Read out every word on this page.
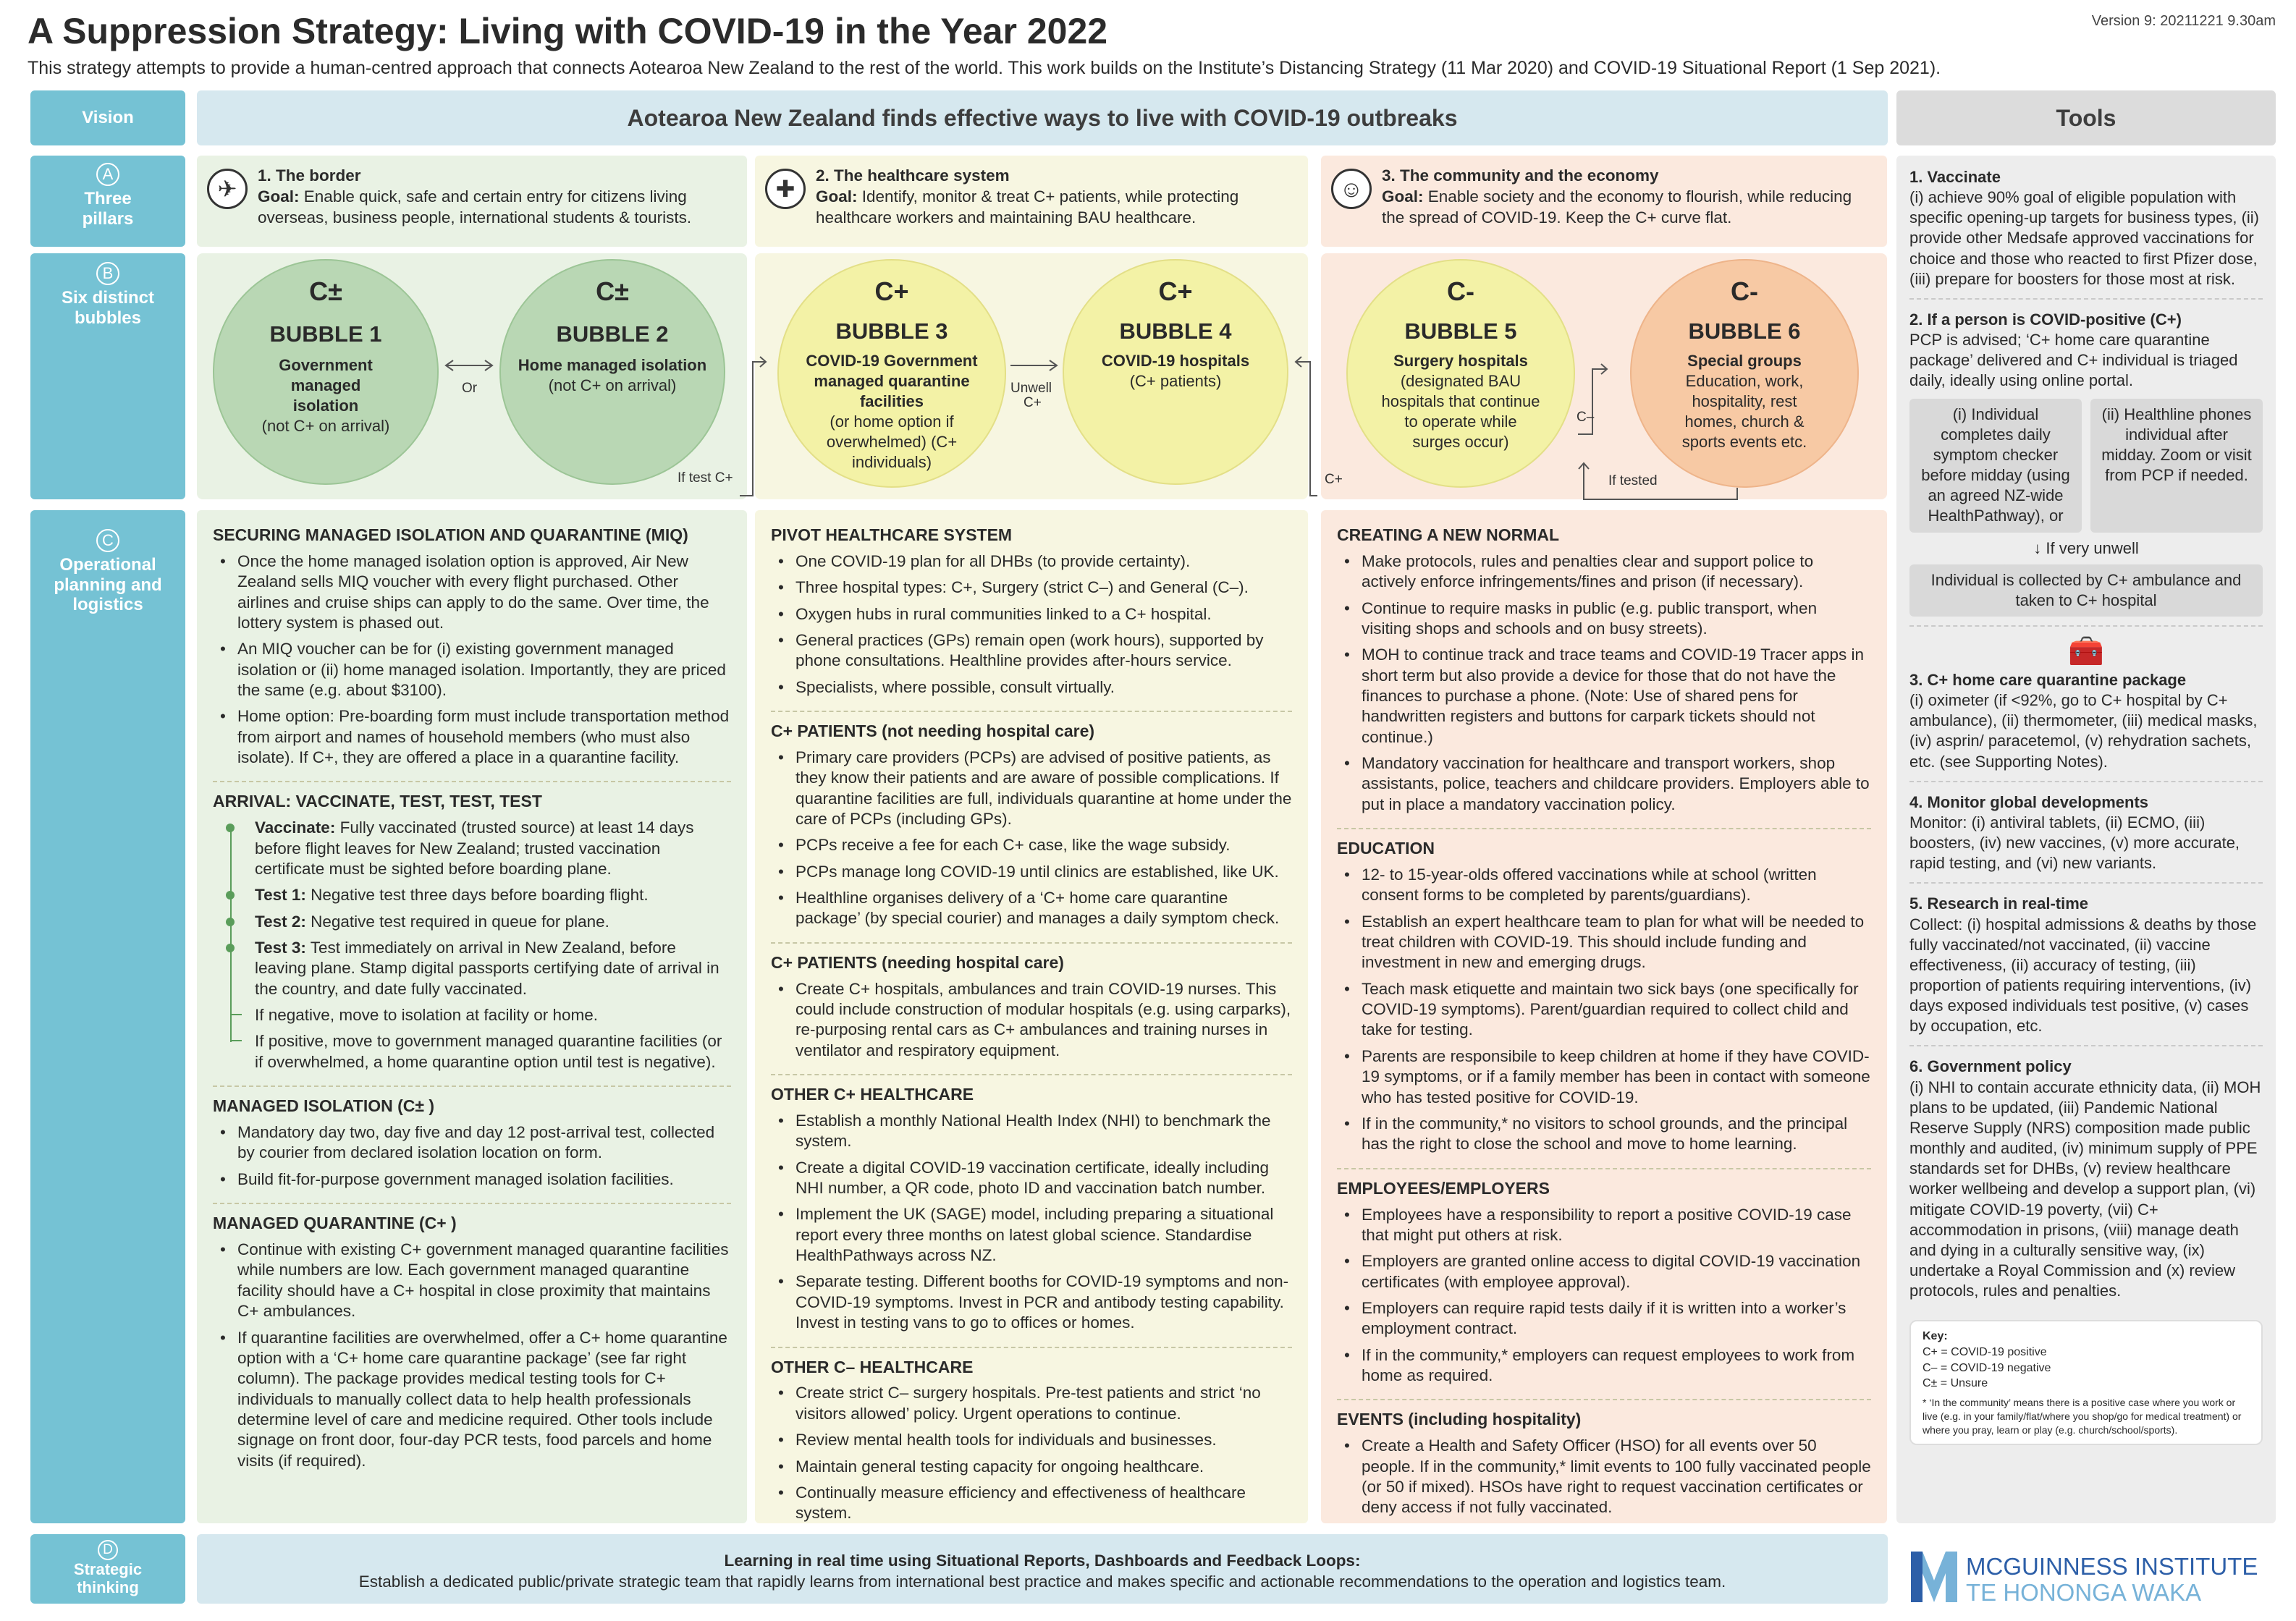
A Suppression Strategy: Living with COVID-19 in the Year 2022	Version 9: 20211221 9.30am
This strategy attempts to provide a human-centred approach that connects Aotearoa New Zealand to the rest of the world. This work builds on the Institute’s Distancing Strategy (11 Mar 2020) and COVID-19 Situational Report (1 Sep 2021).
Vision
A
Three pillars
B
Six distinct bubbles
C
Operational planning and logistics
D
Strategic thinking
Aotearoa New Zealand finds effective ways to live with COVID-19 outbreaks	Tools
✈
1. The border
Goal: Enable quick, safe and certain entry for citizens living overseas, business people, international students & tourists.
✚
2. The healthcare system
Goal: Identify, monitor & treat C+ patients, while protecting healthcare workers and maintaining BAU healthcare.
☺
3. The community and the economy
Goal: Enable society and the economy to flourish, while reducing the spread of COVID-19. Keep the C+ curve flat.
C±
BUBBLE 1
Government managed isolation
(not C+ on arrival)
C±
BUBBLE 2
Home managed isolation
(not C+ on arrival)
C+
BUBBLE 3
COVID-19 Government managed quarantine facilities
(or home option if overwhelmed) (C+ individuals)
C+
BUBBLE 4
COVID-19 hospitals
(C+ patients)
C-
BUBBLE 5
Surgery hospitals
(designated BAU hospitals that continue to operate while surges occur)
C-
BUBBLE 6
Special groups
Education, work, hospitality, rest homes, church & sports events etc.
Or
If test C+
Unwell
C+
C–
C+	If tested
SECURING MANAGED ISOLATION AND QUARANTINE (MIQ)
• Once the home managed isolation option is approved, Air New Zealand sells MIQ voucher with every flight purchased. Other airlines and cruise ships can apply to do the same. Over time, the lottery system is phased out.
• An MIQ voucher can be for (i) existing government managed isolation or (ii) home managed isolation. Importantly, they are priced the same (e.g. about $3100).
• Home option: Pre-boarding form must include transportation method from airport and names of household members (who must also isolate). If C+, they are offered a place in a quarantine facility.
ARRIVAL: VACCINATE, TEST, TEST, TEST

Vaccinate: Fully vaccinated (trusted source) at least 14 days before flight leaves for New Zealand; trusted vaccination certificate must be sighted before boarding plane.

Test 1: Negative test three days before boarding flight.

Test 2: Negative test required in queue for plane.

Test 3: Test immediately on arrival in New Zealand, before leaving plane. Stamp digital passports certifying date of arrival in the country, and date fully vaccinated.

If negative, move to isolation at facility or home.

If positive, move to government managed quarantine facilities (or if overwhelmed, a home quarantine option until test is negative).

MANAGED ISOLATION (C± )
• Mandatory day two, day five and day 12 post-arrival test, collected by courier from declared isolation location on form.
• Build fit-for-purpose government managed isolation facilities.
MANAGED QUARANTINE (C+ )
• Continue with existing C+ government managed quarantine facilities while numbers are low. Each government managed quarantine facility should have a C+ hospital in close proximity that maintains C+ ambulances.
• If quarantine facilities are overwhelmed, offer a C+ home quarantine option with a ‘C+ home care quarantine package’ (see far right column). The package provides medical testing tools for C+ individuals to manually collect data to help health professionals determine level of care and medicine required. Other tools include signage on front door, four-day PCR tests, food parcels and home visits (if required).
PIVOT HEALTHCARE SYSTEM
• One COVID-19 plan for all DHBs (to provide certainty).
• Three hospital types: C+, Surgery (strict C–) and General (C–).
• Oxygen hubs in rural communities linked to a C+ hospital.
• General practices (GPs) remain open (work hours), supported by phone consultations. Healthline provides after-hours service.
• Specialists, where possible, consult virtually.
C+ PATIENTS (not needing hospital care)
• Primary care providers (PCPs) are advised of positive patients, as they know their patients and are aware of possible complications. If quarantine facilities are full, individuals quarantine at home under the care of PCPs (including GPs).
• PCPs receive a fee for each C+ case, like the wage subsidy.
• PCPs manage long COVID-19 until clinics are established, like UK.
• Healthline organises delivery of a ‘C+ home care quarantine package’ (by special courier) and manages a daily symptom check.
C+ PATIENTS (needing hospital care)
• Create C+ hospitals, ambulances and train COVID-19 nurses. This could include construction of modular hospitals (e.g. using carparks), re-purposing rental cars as C+ ambulances and training nurses in ventilator and respiratory equipment.
OTHER C+ HEALTHCARE
• Establish a monthly National Health Index (NHI) to benchmark the system.
• Create a digital COVID-19 vaccination certificate, ideally including NHI number, a QR code, photo ID and vaccination batch number.
• Implement the UK (SAGE) model, including preparing a situational report every three months on latest global science. Standardise HealthPathways across NZ.
• Separate testing. Different booths for COVID-19 symptoms and non-COVID-19 symptoms. Invest in PCR and antibody testing capability. Invest in testing vans to go to offices or homes.
OTHER C– HEALTHCARE
• Create strict C– surgery hospitals. Pre-test patients and strict ‘no visitors allowed’ policy. Urgent operations to continue.
• Review mental health tools for individuals and businesses.
• Maintain general testing capacity for ongoing healthcare.
• Continually measure efficiency and effectiveness of healthcare system.
CREATING A NEW NORMAL
• Make protocols, rules and penalties clear and support police to actively enforce infringements/fines and prison (if necessary).
• Continue to require masks in public (e.g. public transport, when visiting shops and schools and on busy streets).
• MOH to continue track and trace teams and COVID-19 Tracer apps in short term but also provide a device for those that do not have the finances to purchase a phone. (Note: Use of shared pens for handwritten registers and buttons for carpark tickets should not continue.)
• Mandatory vaccination for healthcare and transport workers, shop assistants, police, teachers and childcare providers. Employers able to put in place a mandatory vaccination policy.
EDUCATION
• 12- to 15-year-olds offered vaccinations while at school (written consent forms to be completed by parents/guardians).
• Establish an expert healthcare team to plan for what will be needed to treat children with COVID-19. This should include funding and investment in new and emerging drugs.
• Teach mask etiquette and maintain two sick bays (one specifically for COVID-19 symptoms). Parent/guardian required to collect child and take for testing.
• Parents are responsibile to keep children at home if they have COVID-19 symptoms, or if a family member has been in contact with someone who has tested positive for COVID-19.
• If in the community,* no visitors to school grounds, and the principal has the right to close the school and move to home learning.
EMPLOYEES/EMPLOYERS
• Employees have a responsibility to report a positive COVID-19 case that might put others at risk.
• Employers are granted online access to digital COVID-19 vaccination certificates (with employee approval).
• Employers can require rapid tests daily if it is written into a worker’s employment contract.
• If in the community,* employers can request employees to work from home as required.
EVENTS (including hospitality)
• Create a Health and Safety Officer (HSO) for all events over 50 people. If in the community,* limit events to 100 fully vaccinated people (or 50 if mixed). HSOs have right to request vaccination certificates or deny access if not fully vaccinated.
1. Vaccinate
(i) achieve 90% goal of eligible population with specific opening-up targets for business types, (ii) provide other Medsafe approved vaccinations for choice and those who reacted to first Pfizer dose, (iii) prepare for boosters for those most at risk.
2. If a person is COVID-positive (C+)
PCP is advised; ‘C+ home care quarantine package’ delivered and C+ individual is triaged daily, ideally using online portal.
(i) Individual completes daily symptom checker before midday (using an agreed NZ-wide HealthPathway), or
(ii) Healthline phones individual after midday. Zoom or visit from PCP if needed.
↓ If very unwell
Individual is collected by C+ ambulance and taken to C+ hospital
🧰
3. C+ home care quarantine package
(i) oximeter (if <92%, go to C+ hospital by C+ ambulance), (ii) thermometer, (iii) medical masks, (iv) asprin/ paracetemol, (v) rehydration sachets, etc. (see Supporting Notes).
4. Monitor global developments
Monitor: (i) antiviral tablets, (ii) ECMO, (iii) boosters, (iv) new vaccines, (v) more accurate, rapid testing, and (vi) new variants.
5. Research in real-time
Collect: (i) hospital admissions & deaths by those fully vaccinated/not vaccinated, (ii) vaccine effectiveness, (ii) accuracy of testing, (iii) proportion of patients requiring interventions, (iv) days exposed individuals test positive, (v) cases by occupation, etc.
6. Government policy
(i) NHI to contain accurate ethnicity data, (ii) MOH plans to be updated, (iii) Pandemic National Reserve Supply (NRS) composition made public monthly and audited, (iv) minimum supply of PPE standards set for DHBs, (v) review healthcare worker wellbeing and develop a support plan, (vi) mitigate COVID-19 poverty, (vii) C+ accommodation in prisons, (viii) manage death and dying in a culturally sensitive way, (ix) undertake a Royal Commission and (x) review protocols, rules and penalties.
Key:
C+ = COVID-19 positive
C– = COVID-19 negative
C± = Unsure
* ‘In the community’ means there is a positive case where you work or live (e.g. in your family/flat/where you shop/go for medical treatment) or where you pray, learn or play (e.g. church/school/sports).
Learning in real time using Situational Reports, Dashboards and Feedback Loops:
Establish a dedicated public/private strategic team that rapidly learns from international best practice and makes specific and actionable recommendations to the operation and logistics team.
MCGUINNESS INSTITUTE
TE HONONGA WAKA
